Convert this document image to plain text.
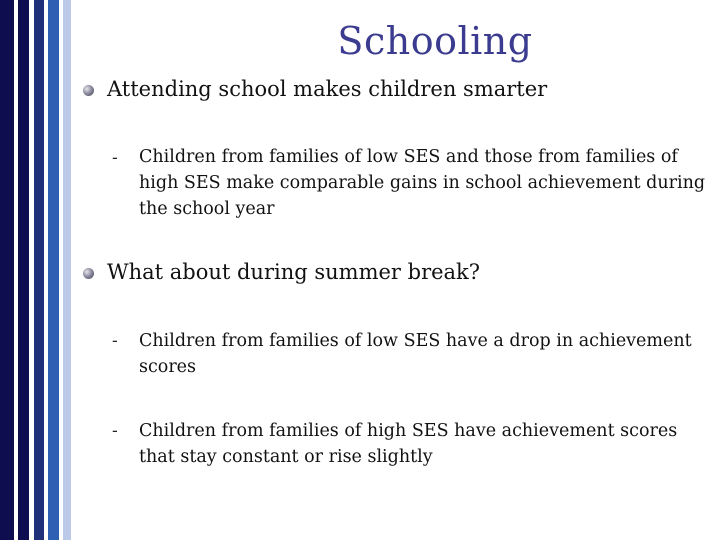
Schooling
Attending school makes children smarter
- Children from families of low SES and those from families of high SES make comparable gains in school achievement during the school year
What about during summer break?
- Children from families of low SES have a drop in achievement scores
- Children from families of high SES have achievement scores that stay constant or rise slightly
